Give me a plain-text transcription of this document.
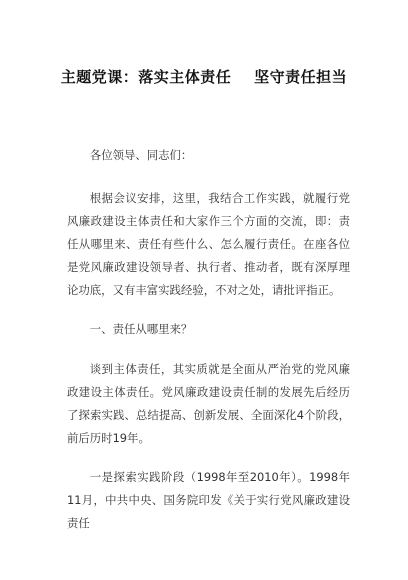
主题党课：落实主体责任    坚守责任担当

各位领导、同志们：

根据会议安排，这里，我结合工作实践，就履行党风廉政建设主体责任和大家作三个方面的交流，即：责任从哪里来、责任有些什么、怎么履行责任。在座各位是党风廉政建设领导者、执行者、推动者，既有深厚理论功底，又有丰富实践经验，不对之处，请批评指正。

一、责任从哪里来？

谈到主体责任，其实质就是全面从严治党的党风廉政建设主体责任。党风廉政建设责任制的发展先后经历了探索实践、总结提高、创新发展、全面深化4个阶段，前后历时19年。

一是探索实践阶段（1998年至2010年）。1998年11月，中共中央、国务院印发《关于实行党风廉政建设责任
